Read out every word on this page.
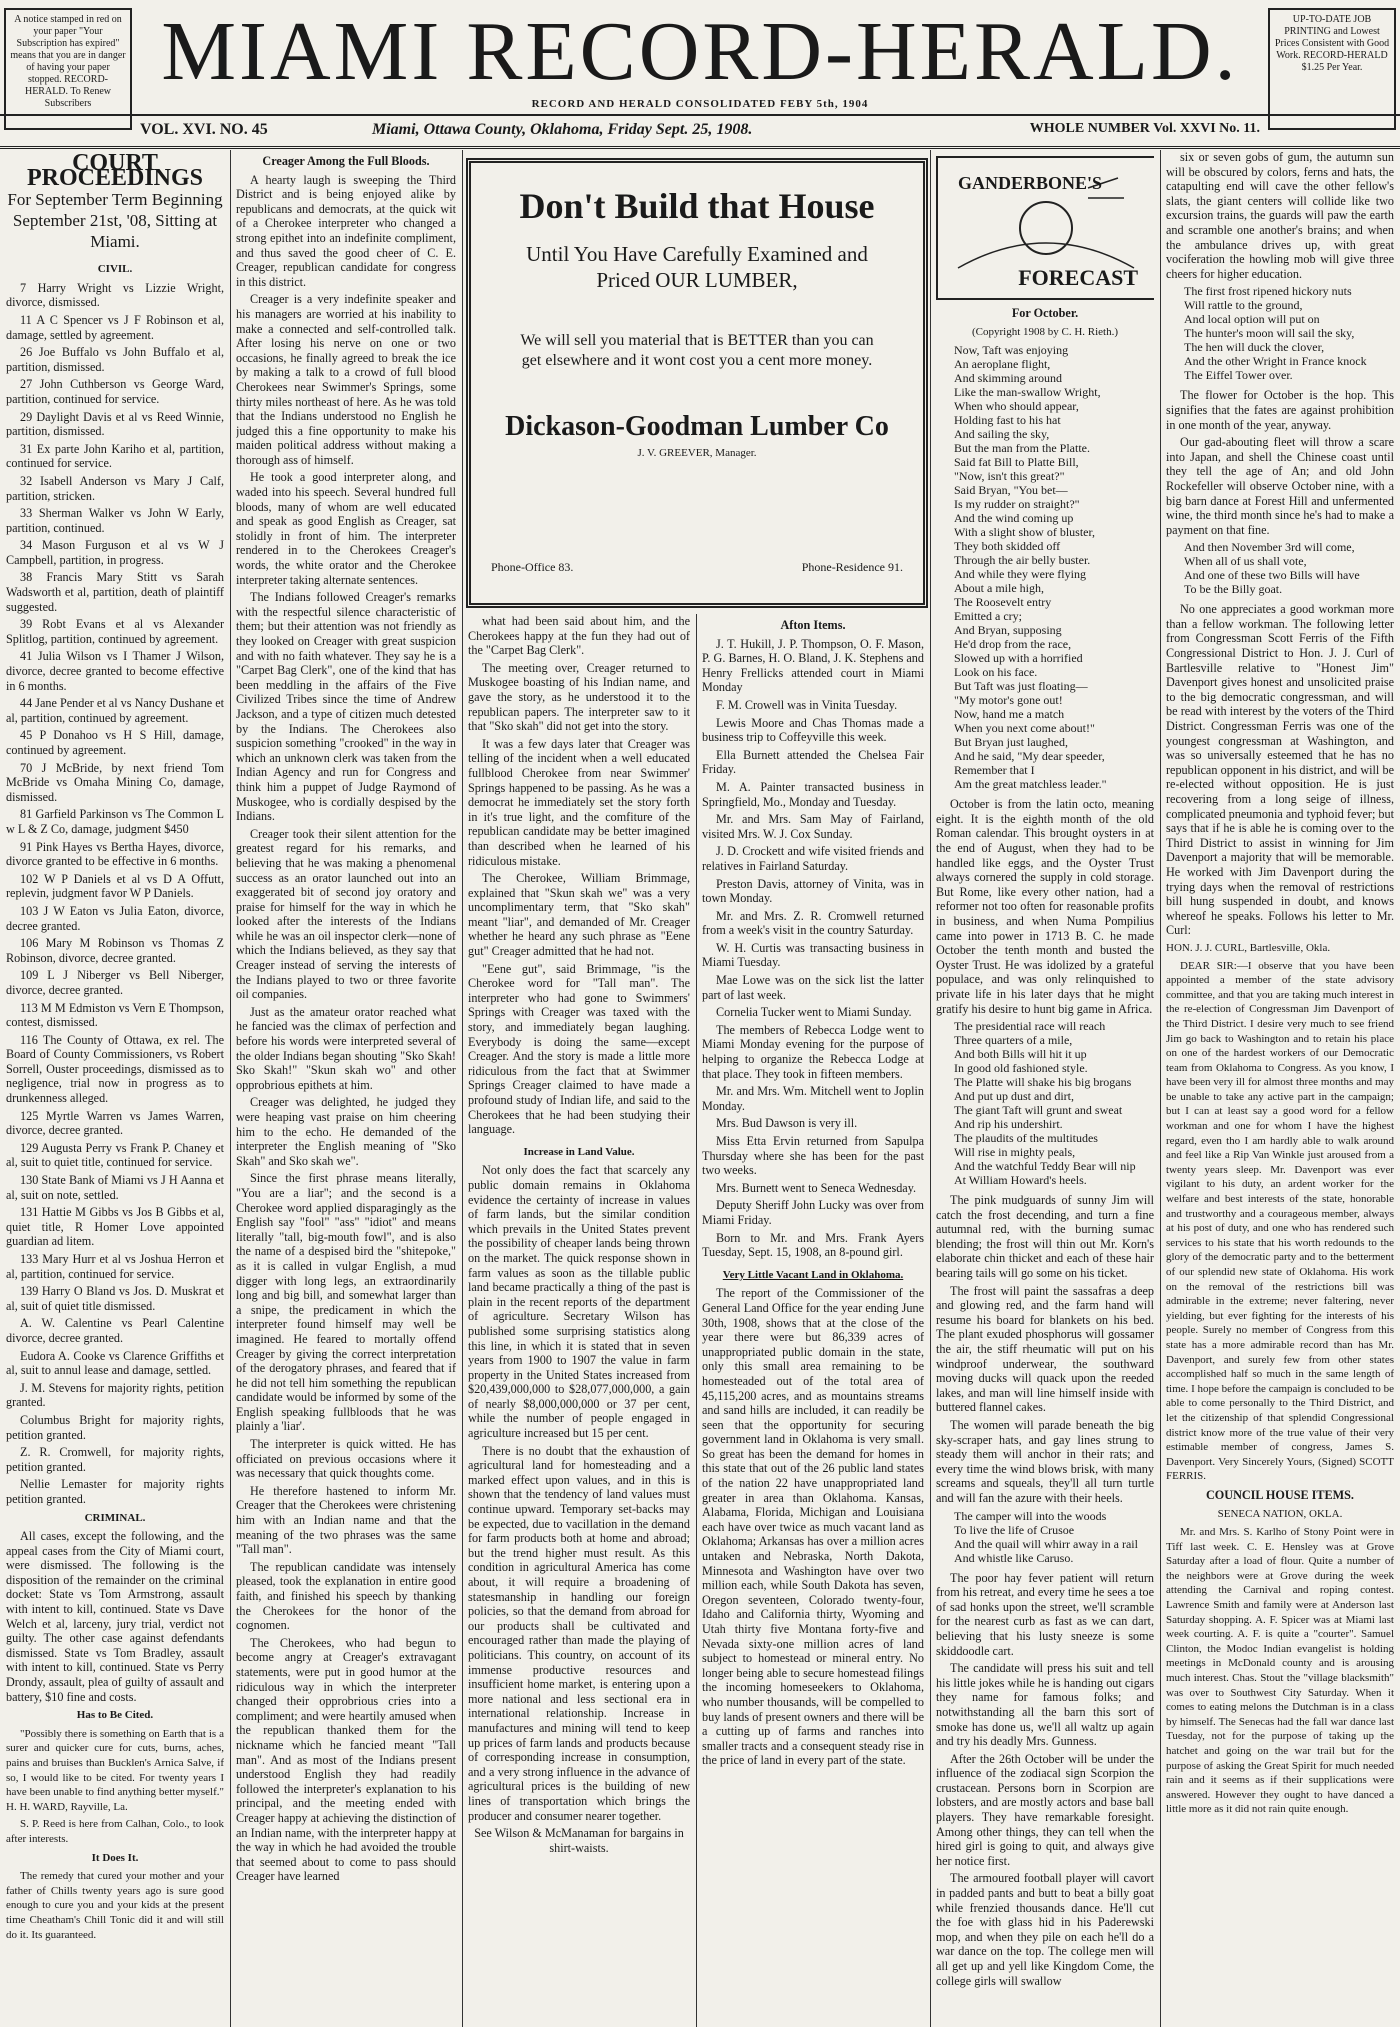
A notice stamped in red on your paper "Your Subscription has expired" means that you are in danger of having your paper stopped. RECORD-HERALD. To Renew Subscribers
MIAMI RECORD-HERALD.
RECORD AND HERALD CONSOLIDATED FEBY 5th, 1904
UP-TO-DATE JOB PRINTING and Lowest Prices Consistent with Good Work. RECORD-HERALD $1.25 Per Year.
VOL. XVI. NO. 45	Miami, Ottawa County, Oklahoma, Friday Sept. 25, 1908.	WHOLE NUMBER Vol. XXVI No. 11.
COURT PROCEEDINGS
For September Term Beginning September 21st, '08, Sitting at Miami.
CIVIL.

7 Harry Wright vs Lizzie Wright, divorce, dismissed.

11 A C Spencer vs J F Robinson et al, damage, settled by agreement.

26 Joe Buffalo vs John Buffalo et al, partition, dismissed.

27 John Cuthberson vs George Ward, partition, continued for service.

29 Daylight Davis et al vs Reed Winnie, partition, dismissed.

31 Ex parte John Kariho et al, partition, continued for service.

32 Isabell Anderson vs Mary J Calf, partition, stricken.

33 Sherman Walker vs John W Early, partition, continued.

34 Mason Furguson et al vs W J Campbell, partition, in progress.

38 Francis Mary Stitt vs Sarah Wadsworth et al, partition, death of plaintiff suggested.

39 Robt Evans et al vs Alexander Splitlog, partition, continued by agreement.

41 Julia Wilson vs I Thamer J Wilson, divorce, decree granted to become effective in 6 months.

44 Jane Pender et al vs Nancy Dushane et al, partition, continued by agreement.

45 P Donahoo vs H S Hill, damage, continued by agreement.

70 J McBride, by next friend Tom McBride vs Omaha Mining Co, damage, dismissed.

81 Garfield Parkinson vs The Common L w L & Z Co, damage, judgment $450

91 Pink Hayes vs Bertha Hayes, divorce, divorce granted to be effective in 6 months.

102 W P Daniels et al vs D A Offutt, replevin, judgment favor W P Daniels.

103 J W Eaton vs Julia Eaton, divorce, decree granted.

106 Mary M Robinson vs Thomas Z Robinson, divorce, decree granted.

109 L J Niberger vs Bell Niberger, divorce, decree granted.

113 M M Edmiston vs Vern E Thompson, contest, dismissed.

116 The County of Ottawa, ex rel. The Board of County Commissioners, vs Robert Sorrell, Ouster proceedings, dismissed as to negligence, trial now in progress as to drunkenness alleged.

125 Myrtle Warren vs James Warren, divorce, decree granted.

129 Augusta Perry vs Frank P. Chaney et al, suit to quiet title, continued for service.

130 State Bank of Miami vs J H Aanna et al, suit on note, settled.

131 Hattie M Gibbs vs Jos B Gibbs et al, quiet title, R Homer Love appointed guardian ad litem.

133 Mary Hurr et al vs Joshua Herron et al, partition, continued for service.

139 Harry O Bland vs Jos. D. Muskrat et al, suit of quiet title dismissed.

A. W. Calentine vs Pearl Calentine divorce, decree granted.

Eudora A. Cooke vs Clarence Griffiths et al, suit to annul lease and damage, settled.

J. M. Stevens for majority rights, petition granted.

Columbus Bright for majority rights, petition granted.

Z. R. Cromwell, for majority rights, petition granted.

Nellie Lemaster for majority rights petition granted.

CRIMINAL.

All cases, except the following, and the appeal cases from the City of Miami court, were dismissed. The following is the disposition of the remainder on the criminal docket: State vs Tom Armstrong, assault with intent to kill, continued. State vs Dave Welch et al, larceny, jury trial, verdict not guilty. The other case against defendants dismissed. State vs Tom Bradley, assault with intent to kill, continued. State vs Perry Drondy, assault, plea of guilty of assault and battery, $10 fine and costs.

Has to Be Cited.

"Possibly there is something on Earth that is a surer and quicker cure for cuts, burns, aches, pains and bruises than Bucklen's Arnica Salve, if so, I would like to be cited. For twenty years I have been unable to find anything better myself." H. H. WARD, Rayville, La.

S. P. Reed is here from Calhan, Colo., to look after interests.

It Does It.

The remedy that cured your mother and your father of Chills twenty years ago is sure good enough to cure you and your kids at the present time Cheatham's Chill Tonic did it and will still do it. Its guaranteed.

Creager Among the Full Bloods.

A hearty laugh is sweeping the Third District and is being enjoyed alike by republicans and democrats, at the quick wit of a Cherokee interpreter who changed a strong epithet into an indefinite compliment, and thus saved the good cheer of C. E. Creager, republican candidate for congress in this district.

Creager is a very indefinite speaker and his managers are worried at his inability to make a connected and self-controlled talk. After losing his nerve on one or two occasions, he finally agreed to break the ice by making a talk to a crowd of full blood Cherokees near Swimmer's Springs, some thirty miles northeast of here. As he was told that the Indians understood no English he judged this a fine opportunity to make his maiden political address without making a thorough ass of himself.

He took a good interpreter along, and waded into his speech. Several hundred full bloods, many of whom are well educated and speak as good English as Creager, sat stolidly in front of him. The interpreter rendered in to the Cherokees Creager's words, the white orator and the Cherokee interpreter taking alternate sentences.

The Indians followed Creager's remarks with the respectful silence characteristic of them; but their attention was not friendly as they looked on Creager with great suspicion and with no faith whatever. They say he is a "Carpet Bag Clerk", one of the kind that has been meddling in the affairs of the Five Civilized Tribes since the time of Andrew Jackson, and a type of citizen much detested by the Indians. The Cherokees also suspicion something "crooked" in the way in which an unknown clerk was taken from the Indian Agency and run for Congress and think him a puppet of Judge Raymond of Muskogee, who is cordially despised by the Indians.

Creager took their silent attention for the greatest regard for his remarks, and believing that he was making a phenomenal success as an orator launched out into an exaggerated bit of second joy oratory and praise for himself for the way in which he looked after the interests of the Indians while he was an oil inspector clerk—none of which the Indians believed, as they say that Creager instead of serving the interests of the Indians played to two or three favorite oil companies.

Just as the amateur orator reached what he fancied was the climax of perfection and before his words were interpreted several of the older Indians began shouting "Sko Skah! Sko Skah!" "Skun skah wo" and other opprobrious epithets at him.

Creager was delighted, he judged they were heaping vast praise on him cheering him to the echo. He demanded of the interpreter the English meaning of "Sko Skah" and Sko skah we".

Since the first phrase means literally, "You are a liar"; and the second is a Cherokee word applied disparagingly as the English say "fool" "ass" "idiot" and means literally "tall, big-mouth fowl", and is also the name of a despised bird the "shitepoke," as it is called in vulgar English, a mud digger with long legs, an extraordinarily long and big bill, and somewhat larger than a snipe, the predicament in which the interpreter found himself may well be imagined. He feared to mortally offend Creager by giving the correct interpretation of the derogatory phrases, and feared that if he did not tell him something the republican candidate would be informed by some of the English speaking fullbloods that he was plainly a 'liar'.

The interpreter is quick witted. He has officiated on previous occasions where it was necessary that quick thoughts come.

He therefore hastened to inform Mr. Creager that the Cherokees were christening him with an Indian name and that the meaning of the two phrases was the same "Tall man".

The republican candidate was intensely pleased, took the explanation in entire good faith, and finished his speech by thanking the Cherokees for the honor of the cognomen.

The Cherokees, who had begun to become angry at Creager's extravagant statements, were put in good humor at the ridiculous way in which the interpreter changed their opprobrious cries into a compliment; and were heartily amused when the republican thanked them for the nickname which he fancied meant "Tall man". And as most of the Indians present understood English they had readily followed the interpreter's explanation to his principal, and the meeting ended with Creager happy at achieving the distinction of an Indian name, with the interpreter happy at the way in which he had avoided the trouble that seemed about to come to pass should Creager have learned

Don't Build that House
Until You Have Carefully Examined and Priced OUR LUMBER,
We will sell you material that is BETTER than you can get elsewhere and it wont cost you a cent more money.
Dickason-Goodman Lumber Co
J. V. GREEVER, Manager.
Phone-Office 83.	Phone-Residence 91.

what had been said about him, and the Cherokees happy at the fun they had out of the "Carpet Bag Clerk".

The meeting over, Creager returned to Muskogee boasting of his Indian name, and gave the story, as he understood it to the republican papers. The interpreter saw to it that "Sko skah" did not get into the story.

It was a few days later that Creager was telling of the incident when a well educated fullblood Cherokee from near Swimmer' Springs happened to be passing. As he was a democrat he immediately set the story forth in it's true light, and the comfiture of the republican candidate may be better imagined than described when he learned of his ridiculous mistake.

The Cherokee, William Brimmage, explained that "Skun skah we" was a very uncomplimentary term, that "Sko skah" meant "liar", and demanded of Mr. Creager whether he heard any such phrase as "Eene gut" Creager admitted that he had not.

"Eene gut", said Brimmage, "is the Cherokee word for "Tall man". The interpreter who had gone to Swimmers' Springs with Creager was taxed with the story, and immediately began laughing. Everybody is doing the same—except Creager. And the story is made a little more ridiculous from the fact that at Swimmer Springs Creager claimed to have made a profound study of Indian life, and said to the Cherokees that he had been studying their language.

Increase in Land Value.

Not only does the fact that scarcely any public domain remains in Oklahoma evidence the certainty of increase in values of farm lands, but the similar condition which prevails in the United States prevent the possibility of cheaper lands being thrown on the market. The quick response shown in farm values as soon as the tillable public land became practically a thing of the past is plain in the recent reports of the department of agriculture. Secretary Wilson has published some surprising statistics along this line, in which it is stated that in seven years from 1900 to 1907 the value in farm property in the United States increased from $20,439,000,000 to $28,077,000,000, a gain of nearly $8,000,000,000 or 37 per cent, while the number of people engaged in agriculture increased but 15 per cent.

There is no doubt that the exhaustion of agricultural land for homesteading and a marked effect upon values, and in this is shown that the tendency of land values must continue upward. Temporary set-backs may be expected, due to vacillation in the demand for farm products both at home and abroad; but the trend higher must result. As this condition in agricultural America has come about, it will require a broadening of statesmanship in handling our foreign policies, so that the demand from abroad for our products shall be cultivated and encouraged rather than made the playing of politicians. This country, on account of its immense productive resources and insufficient home market, is entering upon a more national and less sectional era in international relationship. Increase in manufactures and mining will tend to keep up prices of farm lands and products because of corresponding increase in consumption, and a very strong influence in the advance of agricultural prices is the building of new lines of transportation which brings the producer and consumer nearer together.

See Wilson & McManaman for bargains in shirt-waists.

Afton Items.

J. T. Hukill, J. P. Thompson, O. F. Mason, P. G. Barnes, H. O. Bland, J. K. Stephens and Henry Frellicks attended court in Miami Monday

F. M. Crowell was in Vinita Tuesday.

Lewis Moore and Chas Thomas made a business trip to Coffeyville this week.

Ella Burnett attended the Chelsea Fair Friday.

M. A. Painter transacted business in Springfield, Mo., Monday and Tuesday.

Mr. and Mrs. Sam May of Fairland, visited Mrs. W. J. Cox Sunday.

J. D. Crockett and wife visited friends and relatives in Fairland Saturday.

Preston Davis, attorney of Vinita, was in town Monday.

Mr. and Mrs. Z. R. Cromwell returned from a week's visit in the country Saturday.

W. H. Curtis was transacting business in Miami Tuesday.

Mae Lowe was on the sick list the latter part of last week.

Cornelia Tucker went to Miami Sunday.

The members of Rebecca Lodge went to Miami Monday evening for the purpose of helping to organize the Rebecca Lodge at that place. They took in fifteen members.

Mr. and Mrs. Wm. Mitchell went to Joplin Monday.

Mrs. Bud Dawson is very ill.

Miss Etta Ervin returned from Sapulpa Thursday where she has been for the past two weeks.

Mrs. Burnett went to Seneca Wednesday.

Deputy Sheriff John Lucky was over from Miami Friday.

Born to Mr. and Mrs. Frank Ayers Tuesday, Sept. 15, 1908, an 8-pound girl.

Very Little Vacant Land in Oklahoma.

The report of the Commissioner of the General Land Office for the year ending June 30th, 1908, shows that at the close of the year there were but 86,339 acres of unappropriated public domain in the state, only this small area remaining to be homesteaded out of the total area of 45,115,200 acres, and as mountains streams and sand hills are included, it can readily be seen that the opportunity for securing government land in Oklahoma is very small. So great has been the demand for homes in this state that out of the 26 public land states of the nation 22 have unappropriated land greater in area than Oklahoma. Kansas, Alabama, Florida, Michigan and Louisiana each have over twice as much vacant land as Oklahoma; Arkansas has over a million acres untaken and Nebraska, North Dakota, Minnesota and Washington have over two million each, while South Dakota has seven, Oregon seventeen, Colorado twenty-four, Idaho and California thirty, Wyoming and Utah thirty five Montana forty-five and Nevada sixty-one million acres of land subject to homestead or mineral entry. No longer being able to secure homestead filings the incoming homeseekers to Oklahoma, who number thousands, will be compelled to buy lands of present owners and there will be a cutting up of farms and ranches into smaller tracts and a consequent steady rise in the price of land in every part of the state.

GANDERBONE'S
FORECAST
For October.
(Copyright 1908 by C. H. Rieth.)
Now, Taft was enjoying
An aeroplane flight,
And skimming around
Like the man-swallow Wright,
When who should appear,
Holding fast to his hat
And sailing the sky,
But the man from the Platte.
Said fat Bill to Platte Bill,
"Now, isn't this great?"
Said Bryan, "You bet—
Is my rudder on straight?"
And the wind coming up
With a slight show of bluster,
They both skidded off
Through the air belly buster.
And while they were flying
About a mile high,
The Roosevelt entry
Emitted a cry;
And Bryan, supposing
He'd drop from the race,
Slowed up with a horrified
Look on his face.
But Taft was just floating—
"My motor's gone out!
Now, hand me a match
When you next come about!"
But Bryan just laughed,
And he said, "My dear speeder,
Remember that I
Am the great matchless leader."

October is from the latin octo, meaning eight. It is the eighth month of the old Roman calendar. This brought oysters in at the end of August, when they had to be handled like eggs, and the Oyster Trust always cornered the supply in cold storage. But Rome, like every other nation, had a reformer not too often for reasonable profits in business, and when Numa Pompilius came into power in 1713 B. C. he made October the tenth month and busted the Oyster Trust. He was idolized by a grateful populace, and was only relinquished to private life in his later days that he might gratify his desire to hunt big game in Africa.

The presidential race will reach
Three quarters of a mile,
And both Bills will hit it up
In good old fashioned style.
The Platte will shake his big brogans
And put up dust and dirt,
The giant Taft will grunt and sweat
And rip his undershirt.
The plaudits of the multitudes
Will rise in mighty peals,
And the watchful Teddy Bear will nip
At William Howard's heels.

The pink mudguards of sunny Jim will catch the frost decending, and turn a fine autumnal red, with the burning sumac blending; the frost will thin out Mr. Korn's elaborate chin thicket and each of these hair bearing tails will go some on his ticket.

The frost will paint the sassafras a deep and glowing red, and the farm hand will resume his board for blankets on his bed. The plant exuded phosphorus will gossamer the air, the stiff rheumatic will put on his windproof underwear, the southward moving ducks will quack upon the reeded lakes, and man will line himself inside with buttered flannel cakes.

The women will parade beneath the big sky-scraper hats, and gay lines strung to steady them will anchor in their rats; and every time the wind blows brisk, with many screams and squeals, they'll all turn turtle and will fan the azure with their heels.

The camper will into the woods
To live the life of Crusoe
And the quail will whirr away in a rail
And whistle like Caruso.

The poor hay fever patient will return from his retreat, and every time he sees a toe of sad honks upon the street, we'll scramble for the nearest curb as fast as we can dart, believing that his lusty sneeze is some skiddoodle cart.

The candidate will press his suit and tell his little jokes while he is handing out cigars they name for famous folks; and notwithstanding all the barn this sort of smoke has done us, we'll all waltz up again and try his deadly Mrs. Gunness.

After the 26th October will be under the influence of the zodiacal sign Scorpion the crustacean. Persons born in Scorpion are lobsters, and are mostly actors and base ball players. They have remarkable foresight. Among other things, they can tell when the hired girl is going to quit, and always give her notice first.

The armoured football player will cavort in padded pants and butt to beat a billy goat while frenzied thousands dance. He'll cut the foe with glass hid in his Paderewski mop, and when they pile on each he'll do a war dance on the top. The college men will all get up and yell like Kingdom Come, the college girls will swallow

six or seven gobs of gum, the autumn sun will be obscured by colors, ferns and hats, the catapulting end will cave the other fellow's slats, the giant centers will collide like two excursion trains, the guards will paw the earth and scramble one another's brains; and when the ambulance drives up, with great vociferation the howling mob will give three cheers for higher education.

The first frost ripened hickory nuts
Will rattle to the ground,
And local option will put on
The hunter's moon will sail the sky,
The hen will duck the clover,
And the other Wright in France knock
The Eiffel Tower over.

The flower for October is the hop. This signifies that the fates are against prohibition in one month of the year, anyway.

Our gad-abouting fleet will throw a scare into Japan, and shell the Chinese coast until they tell the age of An; and old John Rockefeller will observe October nine, with a big barn dance at Forest Hill and unfermented wine, the third month since he's had to make a payment on that fine.

And then November 3rd will come,
When all of us shall vote,
And one of these two Bills will have
To be the Billy goat.

No one appreciates a good workman more than a fellow workman. The following letter from Congressman Scott Ferris of the Fifth Congressional District to Hon. J. J. Curl of Bartlesville relative to "Honest Jim" Davenport gives honest and unsolicited praise to the big democratic congressman, and will be read with interest by the voters of the Third District. Congressman Ferris was one of the youngest congressman at Washington, and was so universally esteemed that he has no republican opponent in his district, and will be re-elected without opposition. He is just recovering from a long seige of illness, complicated pneumonia and typhoid fever; but says that if he is able he is coming over to the Third District to assist in winning for Jim Davenport a majority that will be memorable. He worked with Jim Davenport during the trying days when the removal of restrictions bill hung suspended in doubt, and knows whereof he speaks. Follows his letter to Mr. Curl:

HON. J. J. CURL, Bartlesville, Okla.

DEAR SIR:—I observe that you have been appointed a member of the state advisory committee, and that you are taking much interest in the re-election of Congressman Jim Davenport of the Third District. I desire very much to see friend Jim go back to Washington and to retain his place on one of the hardest workers of our Democratic team from Oklahoma to Congress. As you know, I have been very ill for almost three months and may be unable to take any active part in the campaign; but I can at least say a good word for a fellow workman and one for whom I have the highest regard, even tho I am hardly able to walk around and feel like a Rip Van Winkle just aroused from a twenty years sleep. Mr. Davenport was ever vigilant to his duty, an ardent worker for the welfare and best interests of the state, honorable and trustworthy and a courageous member, always at his post of duty, and one who has rendered such services to his state that his worth redounds to the glory of the democratic party and to the betterment of our splendid new state of Oklahoma. His work on the removal of the restrictions bill was admirable in the extreme; never faltering, never yielding, but ever fighting for the interests of his people. Surely no member of Congress from this state has a more admirable record than has Mr. Davenport, and surely few from other states accomplished half so much in the same length of time. I hope before the campaign is concluded to be able to come personally to the Third District, and let the citizenship of that splendid Congressional district know more of the true value of their very estimable member of congress, James S. Davenport. Very Sincerely Yours, (Signed) SCOTT FERRIS.

COUNCIL HOUSE ITEMS.
SENECA NATION, OKLA.

Mr. and Mrs. S. Karlho of Stony Point were in Tiff last week. C. E. Hensley was at Grove Saturday after a load of flour. Quite a number of the neighbors were at Grove during the week attending the Carnival and roping contest. Lawrence Smith and family were at Anderson last Saturday shopping. A. F. Spicer was at Miami last week courting. A. F. is quite a "courter". Samuel Clinton, the Modoc Indian evangelist is holding meetings in McDonald county and is arousing much interest. Chas. Stout the "village blacksmith" was over to Southwest City Saturday. When it comes to eating melons the Dutchman is in a class by himself. The Senecas had the fall war dance last Tuesday, not for the purpose of taking up the hatchet and going on the war trail but for the purpose of asking the Great Spirit for much needed rain and it seems as if their supplications were answered. However they ought to have danced a little more as it did not rain quite enough.
